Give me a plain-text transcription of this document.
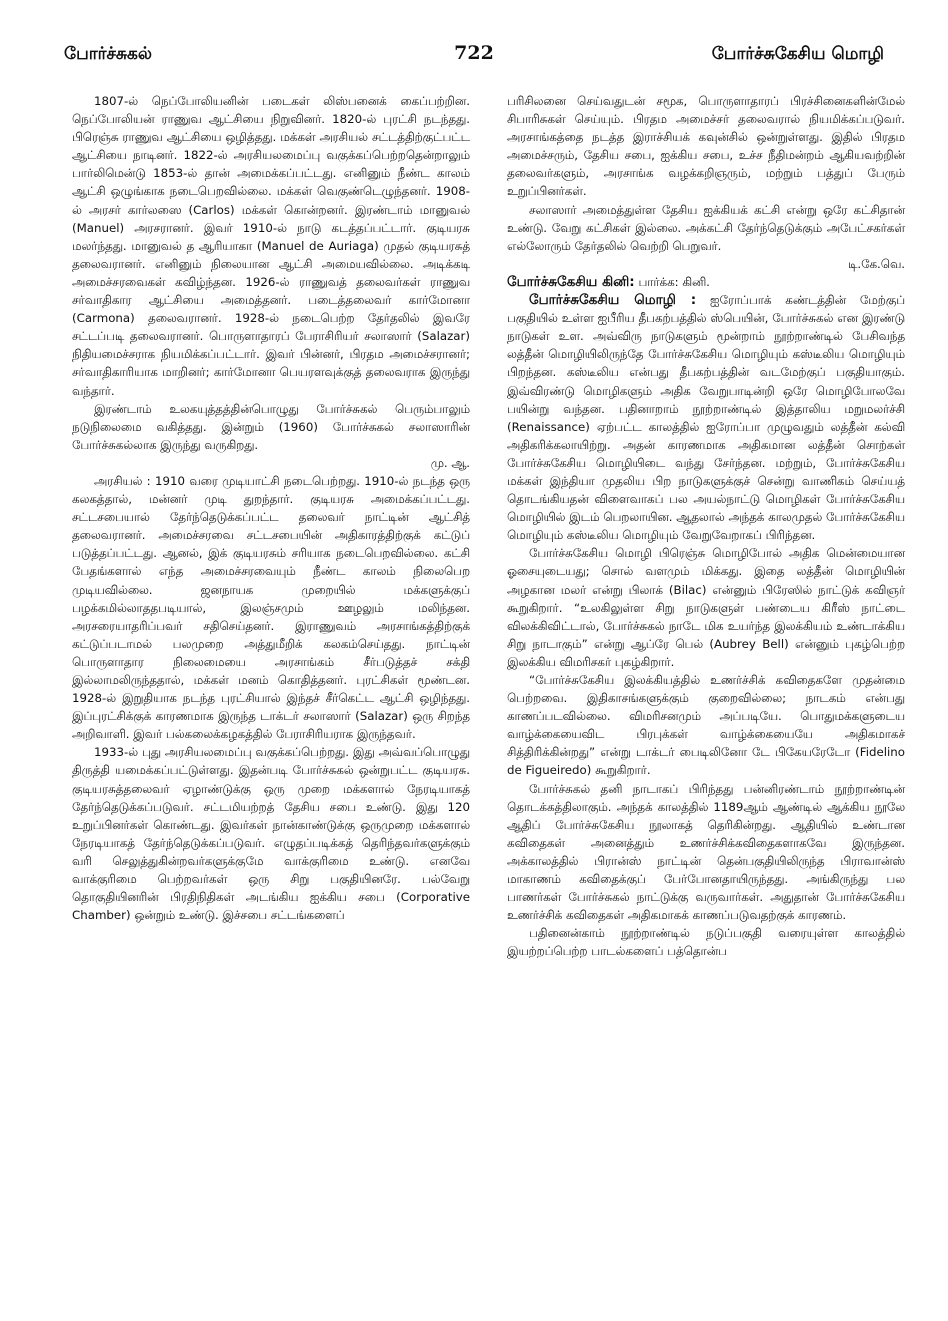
போர்ச்சுகல்	722	போர்ச்சுகேசிய மொழி

1807-ல் நெப்போலியனின் படைகள் லிஸ்பனைக் கைப்பற்றின. நெப்போலியன் ராணுவ ஆட்சியை நிறுவினர். 1820-ல் புரட்சி நடந்தது. பிரெஞ்சு ராணுவ ஆட்சியை ஒழித்தது. மக்கள் அரசியல் சட்டத்திற்குட்பட்ட ஆட்சியை நாடினர். 1822-ல் அரசியலமைப்பு வகுக்கப்பெற்றதென்றாலும் பார்லிமென்டு 1853-ல் தான் அமைக்கப்பட்டது. எனினும் நீண்ட காலம் ஆட்சி ஒழுங்காக நடைபெறவில்லை. மக்கள் வெகுண்டெழுந்தனர். 1908-ல் அரசர் கார்லஸை (Carlos) மக்கள் கொன்றனர். இரண்டாம் மானுவல் (Manuel) அரசரானர். இவர் 1910-ல் நாடு கடத்தப்பட்டார். குடியரசு மலர்ந்தது. மானுவல் த ஆரியாகா (Manuel de Auriaga) முதல் குடியரசுத் தலைவரானர். எனினும் நிலையான ஆட்சி அமையவில்லை. அடிக்கடி அமைச்சரவைகள் கவிழ்ந்தன. 1926-ல் ராணுவத் தலைவர்கள் ராணுவ சர்வாதிகார ஆட்சியை அமைத்தனர். படைத்தலைவர் கார்மோனா (Carmona) தலைவரானர். 1928-ல் நடைபெற்ற தேர்தலில் இவரே சட்டப்படி தலைவரானர். பொருளாதாரப் பேராசிரியர் சலாஸார் (Salazar) நிதியமைச்சராக நியமிக்கப்பட்டார். இவர் பின்னர், பிரதம அமைச்சரானர்; சர்வாதிகாரியாக மாறினர்; கார்மோனா பெயரளவுக்குத் தலைவராக இருந்து வந்தார்.

இரண்டாம் உலகயுத்தத்தின்பொழுது போர்ச்சுகல் பெரும்பாலும் நடுநிலைமை வகித்தது. இன்றும் (1960) போர்ச்சுகல் சலாஸாரின் போர்ச்சுகல்லாக இருந்து வருகிறது.

மு. ஆ.

அரசியல் : 1910 வரை முடியாட்சி நடைபெற்றது. 1910-ல் நடந்த ஒரு கலகத்தால், மன்னர் முடி துறந்தார். குடியரசு அமைக்கப்பட்டது. சட்டசபையால் தேர்ந்தெடுக்கப்பட்ட தலைவர் நாட்டின் ஆட்சித் தலைவரானர். அமைச்சரவை சட்டசபையின் அதிகாரத்திற்குக் கட்டுப் படுத்தப்பட்டது. ஆனல், இக் குடியரசும் சரியாக நடைபெறவில்லை. கட்சி பேதங்களால் எந்த அமைச்சரவையும் நீண்ட காலம் நிலைபெற முடியவில்லை. ஜனநாயக முறையில் மக்களுக்குப் பழக்கமில்லாததபடியால், இலஞ்சமும் ஊழலும் மலிந்தன. அரசரையாதரிப்பவர் சதிசெய்தனர். இராணுவம் அரசாங்கத்திற்குக் கட்டுப்படாமல் பலமுறை அத்துமீறிக் கலகம்செய்தது. நாட்டின் பொருளாதார நிலைமையை அரசாங்கம் சீர்படுத்தச் சக்தி இல்லாமலிருந்ததால், மக்கள் மனம் கொதித்தனர். புரட்சிகள் மூண்டன. 1928-ல் இறுதியாக நடந்த புரட்சியால் இந்தச் சீர்கெட்ட ஆட்சி ஒழிந்தது. இப்புரட்சிக்குக் காரணமாக இருந்த டாக்டர் சலாஸார் (Salazar) ஒரு சிறந்த அறிவாளி. இவர் பல்கலைக்கழகத்தில் பேராசிரியராக இருந்தவர்.

1933-ல் புது அரசியலமைப்பு வகுக்கப்பெற்றது. இது அவ்வப்பொழுது திருத்தி யமைக்கப்பட்டுள்ளது. இதன்படி போர்ச்சுகல் ஒன்றுபட்ட குடியரசு. குடியரசுத்தலைவர் ஏழாண்டுக்கு ஒரு முறை மக்களால் நேரடியாகத் தேர்ந்தெடுக்கப்படுவர். சட்டமியற்றத் தேசிய சபை உண்டு. இது 120 உறுப்பினர்கள் கொண்டது. இவர்கள் நான்காண்டுக்கு ஒருமுறை மக்களால் நேரடியாகத் தேர்ந்தெடுக்கப்படுவர். எழுதப்படிக்கத் தெரிந்தவர்களுக்கும் வரி செலுத்துகின்றவர்களுக்குமே வாக்குரிமை உண்டு. எனவே வாக்குரிமை பெற்றவர்கள் ஒரு சிறு பகுதியினரே. பல்வேறு தொகுதியினரின் பிரதிநிதிகள் அடங்கிய ஐக்கிய சபை (Corporative Chamber) ஒன்றும் உண்டு. இச்சபை சட்டங்களைப்

பரிசிலனை செய்வதுடன் சமூக, பொருளாதாரப் பிரச்சினைகளின்மேல் சிபாரிசுகள் செய்யும். பிரதம அமைச்சர் தலைவரால் நியமிக்கப்படுவர். அரசாங்கத்தை நடத்த இராச்சியக் கவுன்சில் ஒன்றுள்ளது. இதில் பிரதம அமைச்சரும், தேசிய சபை, ஐக்கிய சபை, உச்ச நீதிமன்றம் ஆகியவற்றின் தலைவர்களும், அரசாங்க வழக்கறிஞரும், மற்றும் பத்துப் பேரும் உறுப்பினர்கள்.

சலாஸார் அமைத்துள்ள தேசிய ஐக்கியக் கட்சி என்று ஒரே கட்சிதான் உண்டு. வேறு கட்சிகள் இல்லை. அக்கட்சி தேர்ந்தெடுக்கும் அபேட்சகர்கள் எல்லோரும் தேர்தலில் வெற்றி பெறுவர்.

டி.கே.வெ.

போர்ச்சுகேசிய கினி: பார்க்க: கினி.

போர்ச்சுகேசிய மொழி : ஐரோப்பாக் கண்டத்தின் மேற்குப் பகுதியில் உள்ள ஐபீரிய தீபகற்பத்தில் ஸ்பெயின், போர்ச்சுகல் என இரண்டு நாடுகள் உள. அவ்விரு நாடுகளும் மூன்றாம் நூற்றாண்டில் பேசிவந்த லத்தீன் மொழியிலிருந்தே போர்ச்சுகேசிய மொழியும் கஸ்டீலிய மொழியும் பிறந்தன. கஸ்டீலிய என்பது தீபகற்பத்தின் வடமேற்குப் பகுதியாகும். இவ்விரண்டு மொழிகளும் அதிக வேறுபாடின்றி ஒரே மொழிபோலவே பயின்று வந்தன. பதினாறாம் நூற்றாண்டில் இத்தாலிய மறுமலர்ச்சி (Renaissance) ஏற்பட்ட காலத்தில் ஐரோப்பா முழுவதும் லத்தீன் கல்வி அதிகரிக்கலாயிற்று. அதன் காரணமாக அதிகமான லத்தீன் சொற்கள் போர்ச்சுகேசிய மொழியிடை வந்து சேர்ந்தன. மற்றும், போர்ச்சுகேசிய மக்கள் இந்தியா முதலிய பிற நாடுகளுக்குச் சென்று வாணிகம் செய்யத் தொடங்கியதன் விளைவாகப் பல அயல்நாட்டு மொழிகள் போர்ச்சுகேசிய மொழியில் இடம் பெறலாயின. ஆதலால் அந்தக் காலமுதல் போர்ச்சுகேசிய மொழியும் கஸ்டீலிய மொழியும் வேறுவேறாகப் பிரிந்தன.

போர்ச்சுகேசிய மொழி பிரெஞ்சு மொழிபோல் அதிக மென்மையான ஓசையுடையது; சொல் வளமும் மிக்கது. இதை லத்தீன் மொழியின் அழகான மலர் என்று பிலாக் (Bilac) என்னும் பிரேஸில் நாட்டுக் கவிஞர் கூறுகிறார். “உலகிலுள்ள சிறு நாடுகளுள் பண்டைய கிரீஸ் நாட்டை விலக்கிவிட்டால், போர்ச்சுகல் நாடே மிக உயர்ந்த இலக்கியம் உண்டாக்கிய சிறு நாடாகும்” என்று ஆப்ரே பெல் (Aubrey Bell) என்னும் புகழ்பெற்ற இலக்கிய விமரிசகர் புகழ்கிறார்.

“போர்ச்சுகேசிய இலக்கியத்தில் உணர்ச்சிக் கவிதைகளே முதன்மை பெற்றவை. இதிகாசங்களுக்கும் குறைவில்லை; நாடகம் என்பது காணப்படவில்லை. விமரிசனமும் அப்படியே. பொதுமக்களுடைய வாழ்க்கையைவிட பிரபுக்கள் வாழ்க்கையையே அதிகமாகச் சித்திரிக்கின்றது” என்று டாக்டர் பைடிலினோ டே பிகேயரேடோ (Fidelino de Figueiredo) கூறுகிறார்.

போர்ச்சுகல் தனி நாடாகப் பிரிந்தது பன்னிரண்டாம் நூற்றாண்டின் தொடக்கத்திலாகும். அந்தக் காலத்தில் 1189ஆம் ஆண்டில் ஆக்கிய நூலே ஆதிப் போர்ச்சுகேசிய நூலாகத் தெரிகின்றது. ஆதியில் உண்டான கவிதைகள் அனைத்தும் உணர்ச்சிக்கவிதைகளாகவே இருந்தன. அக்காலத்தில் பிரான்ஸ் நாட்டின் தென்பகுதியிலிருந்த பிராவான்ஸ் மாகாணம் கவிதைக்குப் பேர்போனதாயிருந்தது. அங்கிருந்து பல பாணர்கள் போர்ச்சுகல் நாட்டுக்கு வருவார்கள். அதுதான் போர்ச்சுகேசிய உணர்ச்சிக் கவிதைகள் அதிகமாகக் காணப்படுவதற்குக் காரணம்.

பதினைன்காம் நூற்றாண்டில் நடுப்பகுதி வரையுள்ள காலத்தில் இயற்றப்பெற்ற பாடல்களைப் பத்தொன்ப
